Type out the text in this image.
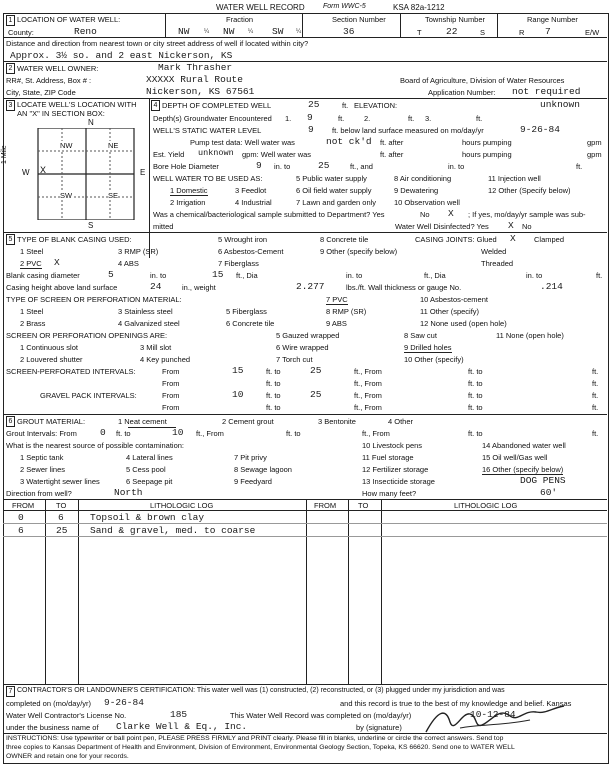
WATER WELL RECORD	Form WWC-5	KSA 82a-1212
1 LOCATION OF WATER WELL:
County:	Reno
Fraction
NW ¼ NW ¼ SW ¼
Section Number
36
Township Number
T	22	S
Range Number
R 7	E/W
Distance and direction from nearest town or city street address of well if located within city?
Approx. 3½ so. and 2 east Nickerson, KS
2 WATER WELL OWNER:	Mark Thrasher
RR#, St. Address, Box # :	XXXXX Rural Route	Board of Agriculture, Division of Water Resources
City, State, ZIP Code	Nickerson, KS 67561	Application Number: not required
3 LOCATE WELL'S LOCATION WITH
AN "X" IN SECTION BOX:
N
S
W	E
1 Mile	NW	NE
SW	SE
X
4 DEPTH OF COMPLETED WELL	25	ft. ELEVATION:	unknown
Depth(s) Groundwater Encountered 1. 9	ft.	2.	ft. 3.	ft.
WELL'S STATIC WATER LEVEL	9 ft. below land surface measured on mo/day/yr	9-26-84
Pump test data: Well water was	not ck'd ft. after	hours pumping	gpm
Est. Yield unknown gpm: Well water was	ft. after	hours pumping	gpm
Bore Hole Diameter	9 in. to	25	ft., and	in. to	ft.
WELL WATER TO BE USED AS:	5 Public water supply	8 Air conditioning	11 Injection well
1 Domestic	3 Feedlot	6 Oil field water supply	9 Dewatering	12 Other (Specify below)
2 Irrigation	4 Industrial	7 Lawn and garden only 10 Observation well
Was a chemical/bacteriological sample submitted to Department? Yes	No X ; If yes, mo/day/yr sample was sub-
mitted	Water Well Disinfected? Yes X No
5 TYPE OF BLANK CASING USED:	5 Wrought iron	8 Concrete tile	CASING JOINTS: Glued X Clamped
1 Steel	3 RMP (SR)	6 Asbestos-Cement	9 Other (specify below)	Welded
2 PVC X	4 ABS	7 Fiberglass	Threaded
Blank casing diameter	5	in. to	15 ft., Dia	in. to	ft., Dia	in. to	ft.
Casing height above land surface	24	in., weight	2.277	lbs./ft. Wall thickness or gauge No.	.214
TYPE OF SCREEN OR PERFORATION MATERIAL:	7 PVC	10 Asbestos-cement
1 Steel	3 Stainless steel	5 Fiberglass	8 RMP (SR)	11 Other (specify)
2 Brass	4 Galvanized steel	6 Concrete tile	9 ABS	12 None used (open hole)
SCREEN OR PERFORATION OPENINGS ARE:	5 Gauzed wrapped	8 Saw cut	11 None (open hole)
1 Continuous slot	3 Mill slot	6 Wire wrapped	9 Drilled holes
2 Louvered shutter	4 Key punched	7 Torch cut	10 Other (specify)
SCREEN-PERFORATED INTERVALS:	From	15	ft. to	25	ft., From	ft. to	ft.
From	ft. to	ft., From	ft. to	ft.
GRAVEL PACK INTERVALS:	From	10	ft. to	25	ft., From	ft. to	ft.
From	ft. to	ft., From	ft. to	ft.
6 GROUT MATERIAL:	1 Neat cement	2 Cement grout	3 Bentonite	4 Other
Grout Intervals: From 0 ft. to	10 ft., From	ft. to	ft., From	ft. to	ft.
What is the nearest source of possible contamination:	10 Livestock pens	14 Abandoned water well
1 Septic tank	4 Lateral lines	7 Pit privy	11 Fuel storage	15 Oil well/Gas well
2 Sewer lines	5 Cess pool	8 Sewage lagoon	12 Fertilizer storage	16 Other (specify below)
3 Watertight sewer lines	6 Seepage pit	9 Feedyard	13 Insecticide storage	DOG PENS
Direction from well?	North	How many feet?	60'
FROM	TO	LITHOLOGIC LOG	FROM	TO	LITHOLOGIC LOG
0	6	Topsoil & brown clay
6	25 Sand & gravel, med. to coarse
7 CONTRACTOR'S OR LANDOWNER'S CERTIFICATION: This water well was (1) constructed, (2) reconstructed, or (3) plugged under my jurisdiction and was
completed on (mo/day/yr) 9-26-84	and this record is true to the best of my knowledge and belief. Kansas
Water Well Contractor's License No.	185	This Water Well Record was completed on (mo/day/yr)	10-12-84
under the business name of Clarke Well & Eq., Inc.	by (signature)
INSTRUCTIONS: Use typewriter or ball point pen, PLEASE PRESS FIRMLY and PRINT clearly. Please fill in blanks, underline or circle the correct answers. Send top
three copies to Kansas Department of Health and Environment, Division of Environment, Environmental Geology Section, Topeka, KS 66620. Send one to WATER WELL
OWNER and retain one for your records.
